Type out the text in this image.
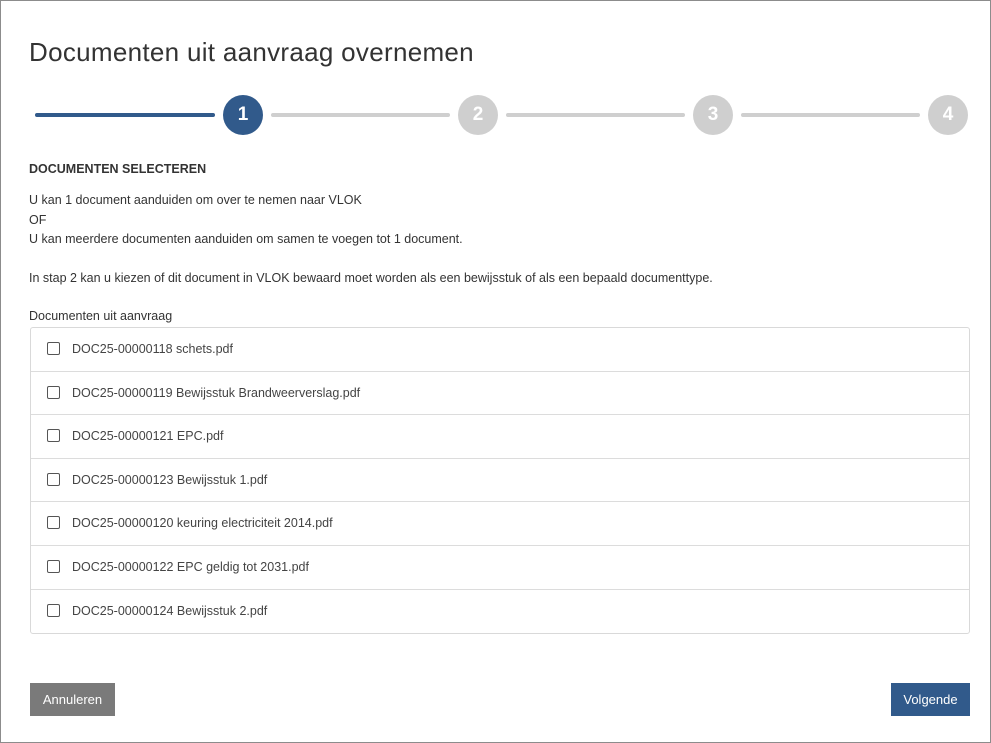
Documenten uit aanvraag overnemen
1	2	3	4
DOCUMENTEN SELECTEREN
U kan 1 document aanduiden om over te nemen naar VLOK
OF
U kan meerdere documenten aanduiden om samen te voegen tot 1 document.
In stap 2 kan u kiezen of dit document in VLOK bewaard moet worden als een bewijsstuk of als een bepaald documenttype.
Documenten uit aanvraag
DOC25-00000118 schets.pdf
DOC25-00000119 Bewijsstuk Brandweerverslag.pdf
DOC25-00000121 EPC.pdf
DOC25-00000123 Bewijsstuk 1.pdf
DOC25-00000120 keuring electriciteit 2014.pdf
DOC25-00000122 EPC geldig tot 2031.pdf
DOC25-00000124 Bewijsstuk 2.pdf
Annuleren	Volgende
